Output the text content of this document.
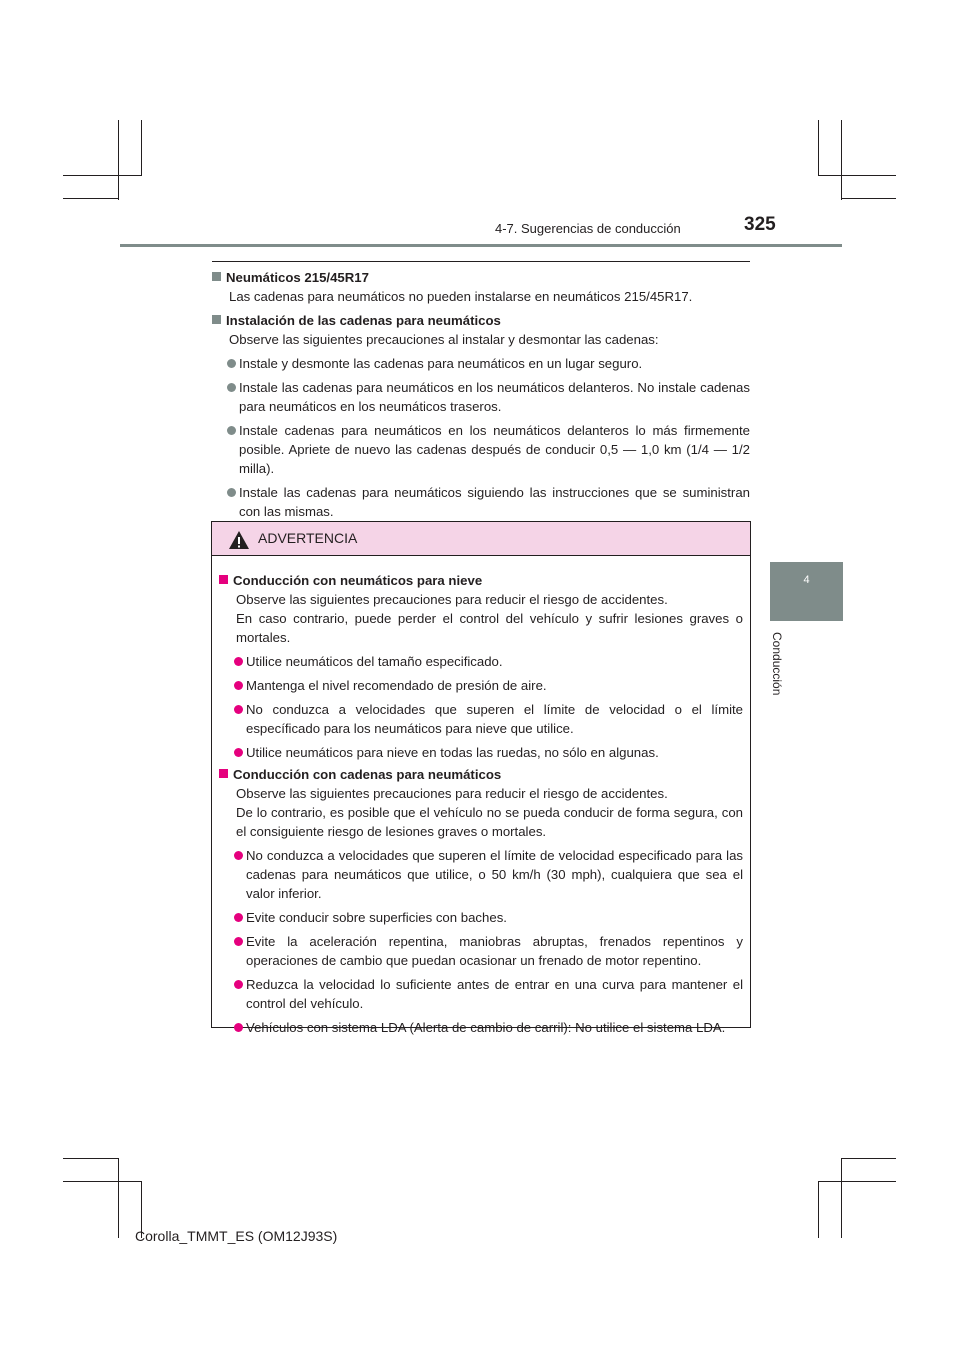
4-7. Sugerencias de conducción	325
4
Conducción
Neumáticos 215/45R17
Las cadenas para neumáticos no pueden instalarse en neumáticos 215/45R17.
Instalación de las cadenas para neumáticos
Observe las siguientes precauciones al instalar y desmontar las cadenas:
Instale y desmonte las cadenas para neumáticos en un lugar seguro.
Instale las cadenas para neumáticos en los neumáticos delanteros. No instale cadenas para neumáticos en los neumáticos traseros.
Instale cadenas para neumáticos en los neumáticos delanteros lo más firmemente posible. Apriete de nuevo las cadenas después de conducir 0,5 — 1,0 km (1/4 — 1/2 milla).
Instale las cadenas para neumáticos siguiendo las instrucciones que se suministran con las mismas.
ADVERTENCIA
Conducción con neumáticos para nieve
Observe las siguientes precauciones para reducir el riesgo de accidentes.
En caso contrario, puede perder el control del vehículo y sufrir lesiones graves o mortales.
Utilice neumáticos del tamaño especificado.
Mantenga el nivel recomendado de presión de aire.
No conduzca a velocidades que superen el límite de velocidad o el límite específicado para los neumáticos para nieve que utilice.
Utilice neumáticos para nieve en todas las ruedas, no sólo en algunas.
Conducción con cadenas para neumáticos
Observe las siguientes precauciones para reducir el riesgo de accidentes.
De lo contrario, es posible que el vehículo no se pueda conducir de forma segura, con el consiguiente riesgo de lesiones graves o mortales.
No conduzca a velocidades que superen el límite de velocidad especificado para las cadenas para neumáticos que utilice, o 50 km/h (30 mph), cualquiera que sea el valor inferior.
Evite conducir sobre superficies con baches.
Evite la aceleración repentina, maniobras abruptas, frenados repentinos y operaciones de cambio que puedan ocasionar un frenado de motor repentino.
Reduzca la velocidad lo suficiente antes de entrar en una curva para mantener el control del vehículo.
Vehículos con sistema LDA (Alerta de cambio de carril): No utilice el sistema LDA.
Corolla_TMMT_ES (OM12J93S)
